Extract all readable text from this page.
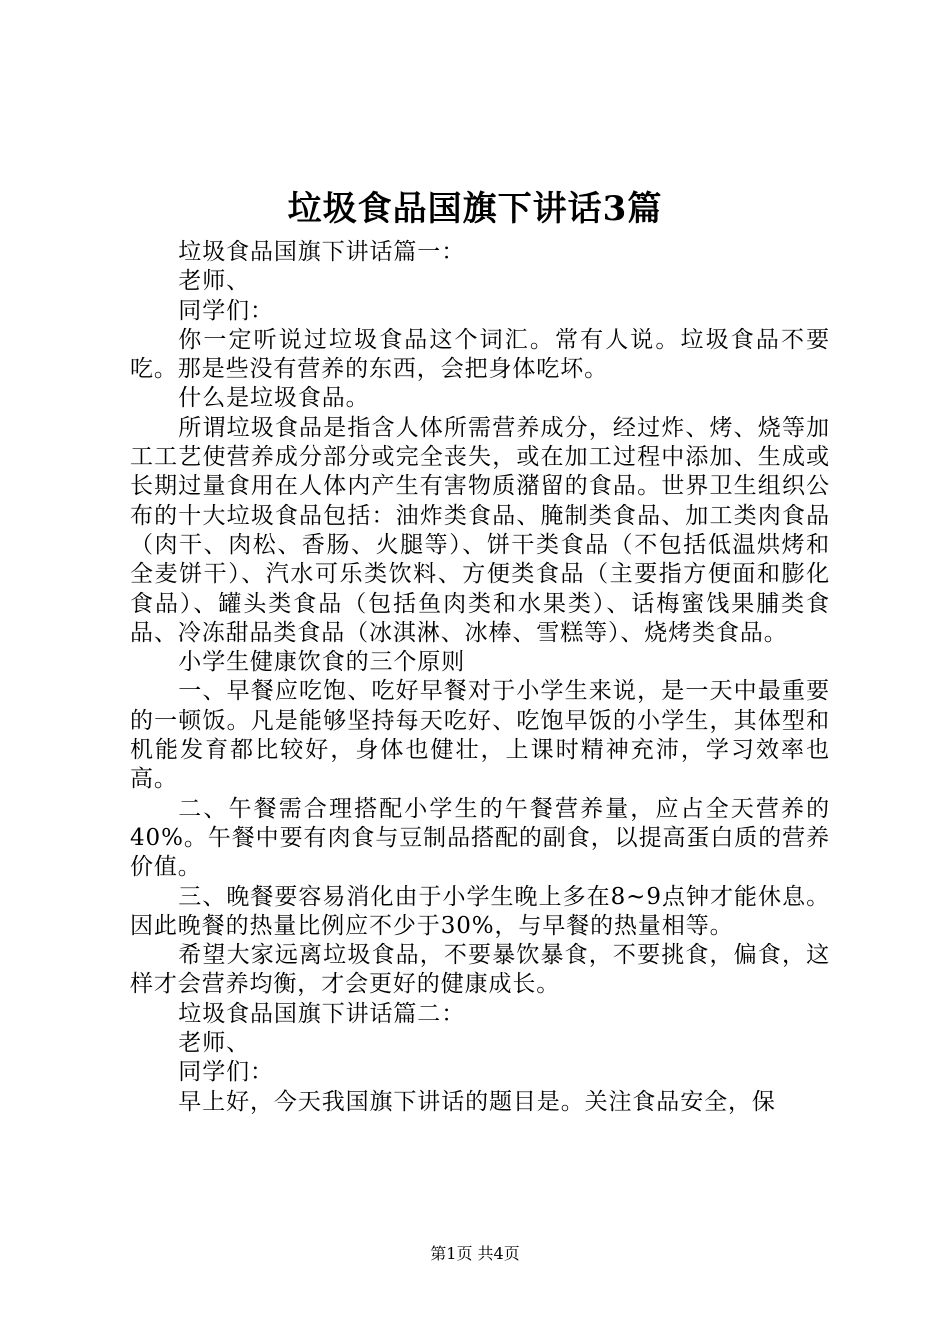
垃圾食品国旗下讲话3篇

垃圾食品国旗下讲话篇一：

老师、

同学们：

你一定听说过垃圾食品这个词汇。常有人说。垃圾食品不要吃。那是些没有营养的东西，会把身体吃坏。

什么是垃圾食品。

所谓垃圾食品是指含人体所需营养成分，经过炸、烤、烧等加工工艺使营养成分部分或完全丧失，或在加工过程中添加、生成或长期过量食用在人体内产生有害物质潴留的食品。世界卫生组织公布的十大垃圾食品包括：油炸类食品、腌制类食品、加工类肉食品（肉干、肉松、香肠、火腿等）、饼干类食品（不包括低温烘烤和全麦饼干）、汽水可乐类饮料、方便类食品（主要指方便面和膨化食品）、罐头类食品（包括鱼肉类和水果类）、话梅蜜饯果脯类食品、冷冻甜品类食品（冰淇淋、冰棒、雪糕等）、烧烤类食品。

小学生健康饮食的三个原则

一、早餐应吃饱、吃好早餐对于小学生来说，是一天中最重要的一顿饭。凡是能够坚持每天吃好、吃饱早饭的小学生，其体型和机能发育都比较好，身体也健壮，上课时精神充沛，学习效率也高。

二、午餐需合理搭配小学生的午餐营养量，应占全天营养的40%。午餐中要有肉食与豆制品搭配的副食，以提高蛋白质的营养价值。

三、晚餐要容易消化由于小学生晚上多在8~9点钟才能休息。因此晚餐的热量比例应不少于30%，与早餐的热量相等。

希望大家远离垃圾食品，不要暴饮暴食，不要挑食，偏食，这样才会营养均衡，才会更好的健康成长。

垃圾食品国旗下讲话篇二：

老师、

同学们：

早上好，今天我国旗下讲话的题目是。关注食品安全，保

第1页 共4页
